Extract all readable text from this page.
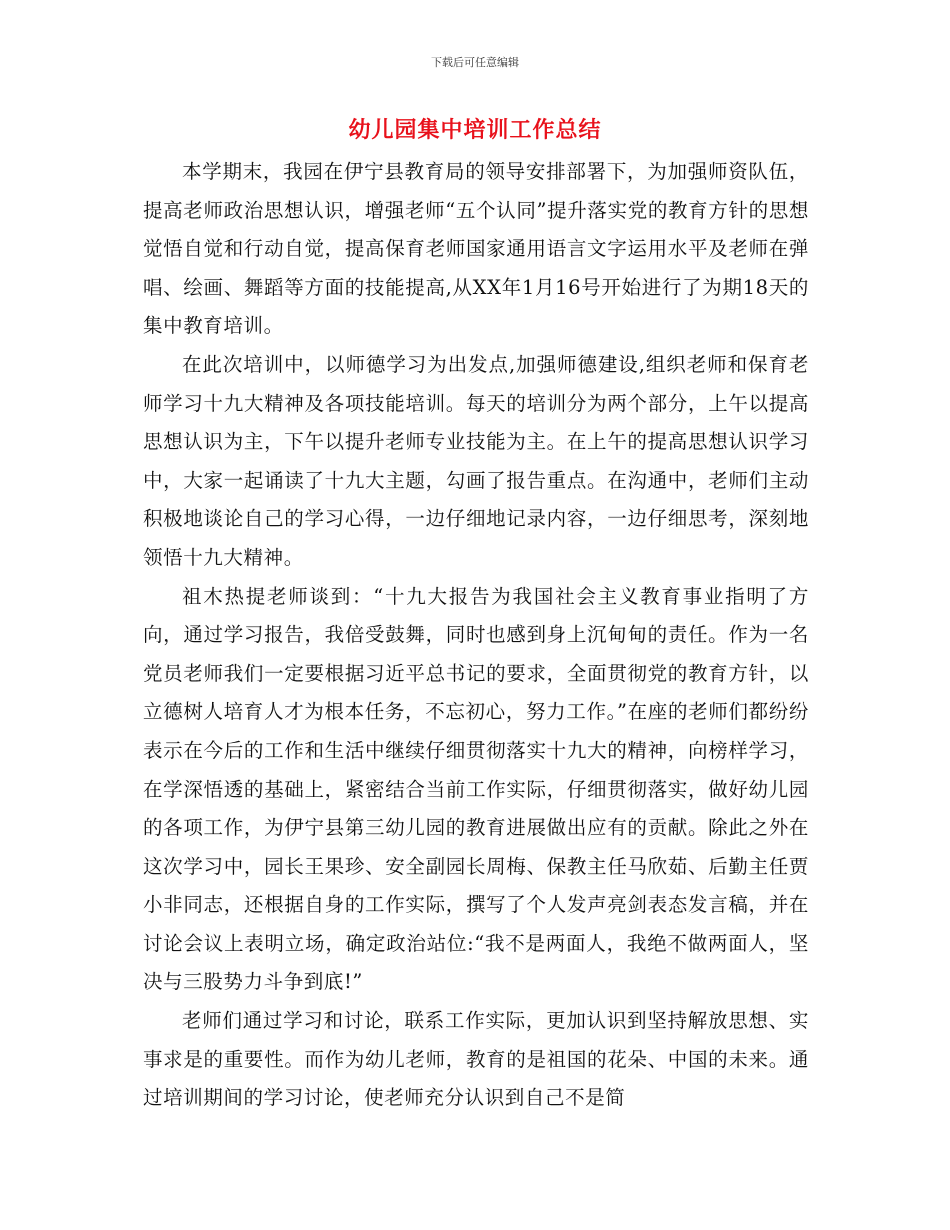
下载后可任意编辑
幼儿园集中培训工作总结

本学期末，我园在伊宁县教育局的领导安排部署下，为加强师资队伍，提高老师政治思想认识，增强老师“五个认同”提升落实党的教育方针的思想觉悟自觉和行动自觉，提高保育老师国家通用语言文字运用水平及老师在弹唱、绘画、舞蹈等方面的技能提高,从XX年1月16号开始进行了为期18天的集中教育培训。

在此次培训中，以师德学习为出发点,加强师德建设,组织老师和保育老师学习十九大精神及各项技能培训。每天的培训分为两个部分，上午以提高思想认识为主，下午以提升老师专业技能为主。在上午的提高思想认识学习中，大家一起诵读了十九大主题，勾画了报告重点。在沟通中，老师们主动积极地谈论自己的学习心得，一边仔细地记录内容，一边仔细思考，深刻地领悟十九大精神。

祖木热提老师谈到：“十九大报告为我国社会主义教育事业指明了方向，通过学习报告，我倍受鼓舞，同时也感到身上沉甸甸的责任。作为一名党员老师我们一定要根据习近平总书记的要求，全面贯彻党的教育方针，以立德树人培育人才为根本任务，不忘初心，努力工作。”在座的老师们都纷纷表示在今后的工作和生活中继续仔细贯彻落实十九大的精神，向榜样学习，在学深悟透的基础上，紧密结合当前工作实际，仔细贯彻落实，做好幼儿园的各项工作，为伊宁县第三幼儿园的教育进展做出应有的贡献。除此之外在这次学习中，园长王果珍、安全副园长周梅、保教主任马欣茹、后勤主任贾小非同志，还根据自身的工作实际，撰写了个人发声亮剑表态发言稿，并在讨论会议上表明立场，确定政治站位:“我不是两面人，我绝不做两面人，坚决与三股势力斗争到底!”

老师们通过学习和讨论，联系工作实际，更加认识到坚持解放思想、实事求是的重要性。而作为幼儿老师，教育的是祖国的花朵、中国的未来。通过培训期间的学习讨论，使老师充分认识到自己不是简
